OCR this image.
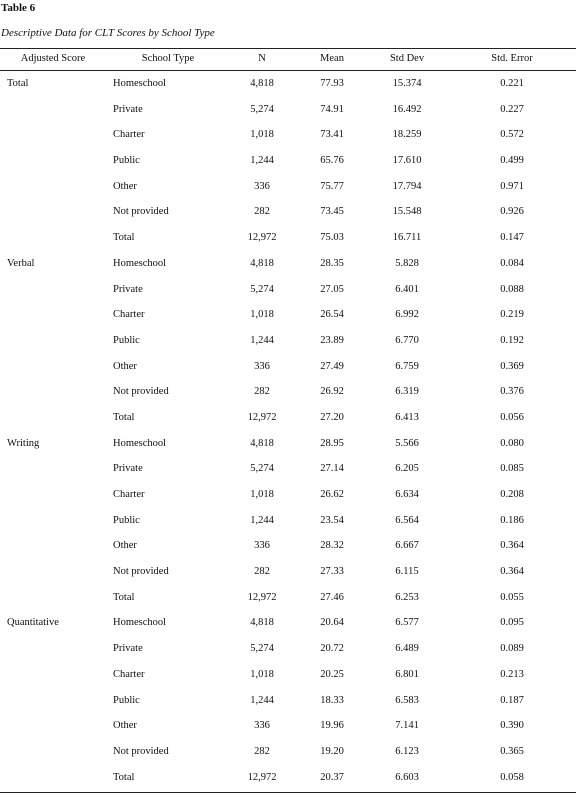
Table 6
Descriptive Data for CLT Scores by School Type
Adjusted Score	School Type	N	Mean	Std Dev	Std. Error
Total	Homeschool	4,818	77.93	15.374	0.221
Private	5,274	74.91	16.492	0.227
Charter	1,018	73.41	18.259	0.572
Public	1,244	65.76	17.610	0.499
Other	336	75.77	17.794	0.971
Not provided	282	73.45	15.548	0.926
Total	12,972	75.03	16.711	0.147
Verbal	Homeschool	4,818	28.35	5.828	0.084
Private	5,274	27.05	6.401	0.088
Charter	1,018	26.54	6.992	0.219
Public	1,244	23.89	6.770	0.192
Other	336	27.49	6.759	0.369
Not provided	282	26.92	6.319	0.376
Total	12,972	27.20	6.413	0.056
Writing	Homeschool	4,818	28.95	5.566	0.080
Private	5,274	27.14	6.205	0.085
Charter	1,018	26.62	6.634	0.208
Public	1,244	23.54	6.564	0.186
Other	336	28.32	6.667	0.364
Not provided	282	27.33	6.115	0.364
Total	12,972	27.46	6.253	0.055
Quantitative	Homeschool	4,818	20.64	6.577	0.095
Private	5,274	20.72	6.489	0.089
Charter	1,018	20.25	6.801	0.213
Public	1,244	18.33	6.583	0.187
Other	336	19.96	7.141	0.390
Not provided	282	19.20	6.123	0.365
Total	12,972	20.37	6.603	0.058
